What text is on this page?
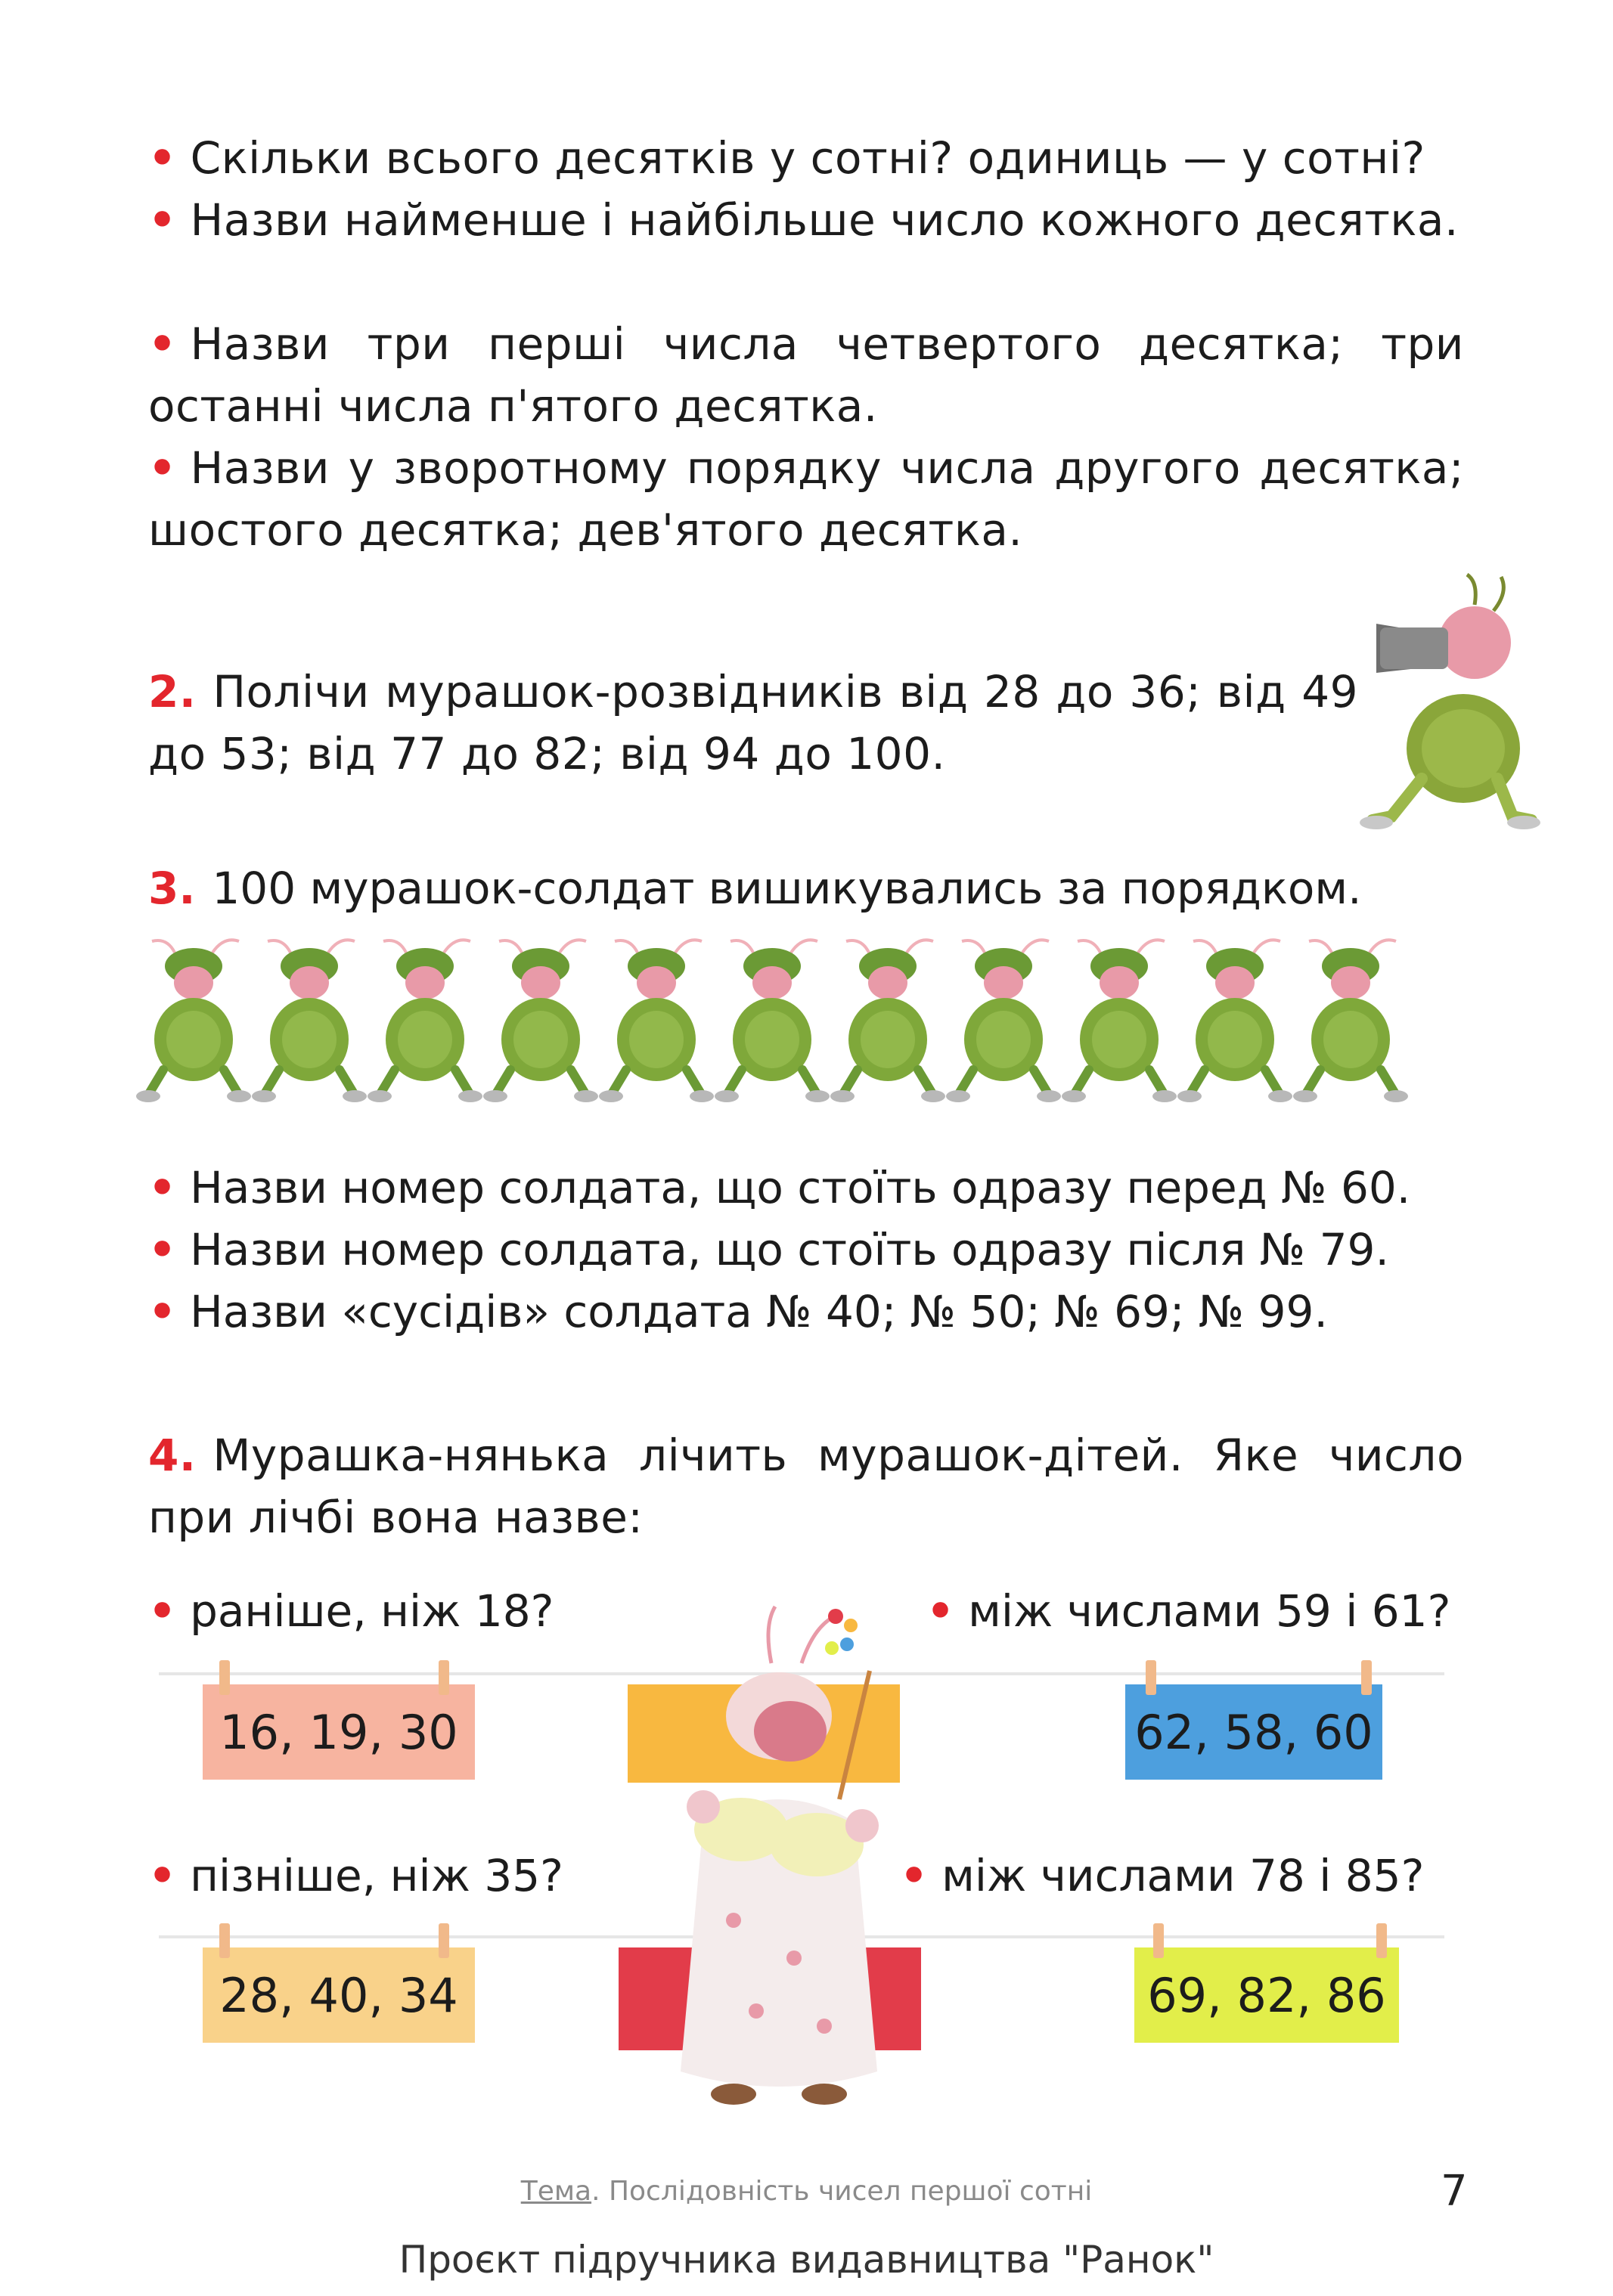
• Скільки всього десятків у сотні? одиниць — у сотні?
• Назви найменше і найбільше число кожного десятка.
• Назви три перші числа четвертого десятка; три останні числа п'ятого десятка.
• Назви у зворотному порядку числа другого десятка; шостого десятка; дев'ятого десятка.
2. Полічи мурашок-розвідників від 28 до 36; від 49 до 53; від 77 до 82; від 94 до 100.
3. 100 мурашок-солдат вишикувались за порядком.
• Назви номер солдата, що стоїть одразу перед № 60.
• Назви номер солдата, що стоїть одразу після № 79.
• Назви «сусідів» солдата № 40; № 50; № 69; № 99.
4. Мурашка-нянька лічить мурашок-дітей. Яке число при лічбі вона назве:
• раніше, ніж 18?	• між числами 59 і 61?
16, 19, 30	62, 58, 60
• пізніше, ніж 35?	• між числами 78 і 85?
28, 40, 34	69, 82, 86
Тема. Послідовність чисел першої сотні	7
Проєкт підручника видавництва "Ранок"
